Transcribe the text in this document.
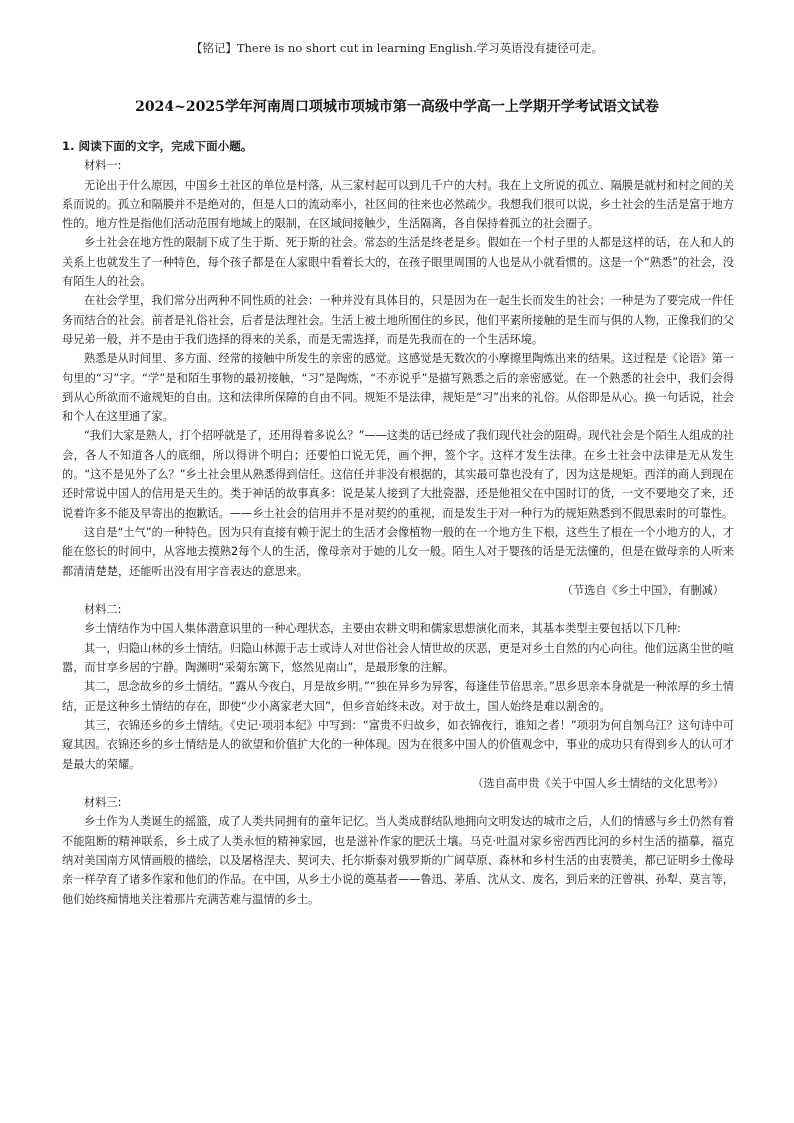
【铭记】There is no short cut in learning English.学习英语没有捷径可走。
2024~2025学年河南周口项城市项城市第一高级中学高一上学期开学考试语文试卷

1. 阅读下面的文字，完成下面小题。

材料一:

无论出于什么原因，中国乡土社区的单位是村落，从三家村起可以到几千户的大村。我在上文所说的孤立、隔膜是就村和村之间的关系而说的。孤立和隔膜并不是绝对的，但是人口的流动率小，社区间的往来也必然疏少。我想我们很可以说，乡土社会的生活是富于地方性的。地方性是指他们活动范围有地域上的限制，在区域间接触少，生活隔离，各自保持着孤立的社会圈子。

乡土社会在地方性的限制下成了生于斯、死于斯的社会。常态的生活是终老是乡。假如在一个村子里的人都是这样的话，在人和人的关系上也就发生了一种特色，每个孩子都是在人家眼中看着长大的，在孩子眼里周围的人也是从小就看惯的。这是一个“熟悉”的社会，没有陌生人的社会。

在社会学里，我们常分出两种不同性质的社会：一种并没有具体目的，只是因为在一起生长而发生的社会；一种是为了要完成一件任务而结合的社会。前者是礼俗社会，后者是法理社会。生活上被土地所囿住的乡民，他们平素所接触的是生而与俱的人物，正像我们的父母兄弟一般，并不是由于我们选择的得来的关系，而是无需选择，而是先我而在的一个生活环境。

熟悉是从时间里、多方面、经常的接触中所发生的亲密的感觉。这感觉是无数次的小摩擦里陶炼出来的结果。这过程是《论语》第一句里的“习”字。“学”是和陌生事物的最初接触，“习”是陶炼，“不亦说乎”是描写熟悉之后的亲密感觉。在一个熟悉的社会中，我们会得到从心所欲而不逾规矩的自由。这和法律所保障的自由不同。规矩不是法律，规矩是“习”出来的礼俗。从俗即是从心。换一句话说，社会和个人在这里通了家。

“我们大家是熟人，打个招呼就是了，还用得着多说么？”——这类的话已经成了我们现代社会的阻碍。现代社会是个陌生人组成的社会，各人不知道各人的底细，所以得讲个明白；还要怕口说无凭，画个押，签个字。这样才发生法律。在乡土社会中法律是无从发生的。“这不是见外了么？”乡土社会里从熟悉得到信任。这信任并非没有根据的，其实最可靠也没有了，因为这是规矩。西洋的商人到现在还时常说中国人的信用是天生的。类于神话的故事真多：说是某人接到了大批瓷器，还是他祖父在中国时订的货，一文不要地交了来，还说着许多不能及早寄出的抱歉话。——乡土社会的信用并不是对契约的重视，而是发生于对一种行为的规矩熟悉到不假思索时的可靠性。

这自是“土气”的一种特色。因为只有直接有赖于泥土的生活才会像植物一般的在一个地方生下根，这些生了根在一个小地方的人，才能在悠长的时间中，从容地去摸熟2每个人的生活，像母亲对于她的儿女一般。陌生人对于婴孩的话是无法懂的，但是在做母亲的人听来都清清楚楚，还能听出没有用字音表达的意思来。

（节选自《乡土中国》，有删减）

材料二:

乡土情结作为中国人集体潜意识里的一种心理状态，主要由农耕文明和儒家思想演化而来，其基本类型主要包括以下几种:

其一，归隐山林的乡土情结。归隐山林源于志士或诗人对世俗社会人情世故的厌恶，更是对乡土自然的内心向往。他们远离尘世的喧嚣，而甘享乡居的宁静。陶渊明“采菊东篱下，悠然见南山”，是最形象的注解。

其二，思念故乡的乡土情结。“露从今夜白，月是故乡明。”“独在异乡为异客，每逢佳节倍思亲。”思乡思亲本身就是一种浓厚的乡土情结，正是这种乡土情结的存在，即使“少小离家老大回”，但乡音始终未改。对于故土，国人始终是难以割舍的。

其三，衣锦还乡的乡土情结。《史记·项羽本纪》中写到：“富贵不归故乡，如衣锦夜行，谁知之者！”项羽为何自刎乌江？这句诗中可窥其因。衣锦还乡的乡土情结是人的欲望和价值扩大化的一种体现。因为在很多中国人的价值观念中，事业的成功只有得到乡人的认可才是最大的荣耀。

（选自高申贵《关于中国人乡土情结的文化思考》）

材料三:

乡土作为人类诞生的摇篮，成了人类共同拥有的童年记忆。当人类成群结队地拥向文明发达的城市之后，人们的情感与乡土仍然有着不能阻断的精神联系，乡土成了人类永恒的精神家园，也是滋补作家的肥沃土壤。马克·吐温对家乡密西西比河的乡村生活的描摹，福克纳对美国南方风情画般的描绘，以及屠格涅夫、契诃夫、托尔斯泰对俄罗斯的广阔草原、森林和乡村生活的由衷赞美，都已证明乡土像母亲一样孕育了诸多作家和他们的作品。在中国，从乡土小说的奠基者——鲁迅、茅盾、沈从文、废名，到后来的汪曾祺、孙犁、莫言等，他们始终痴情地关注着那片充满苦难与温情的乡土。
